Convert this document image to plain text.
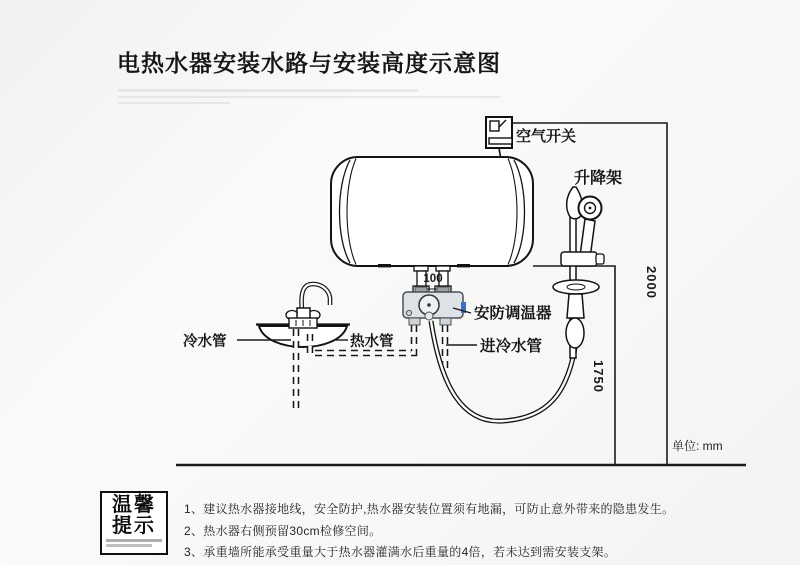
电热水器安装水路与安装高度示意图
空气开关
升降架
安防调温器
进冷水管
冷水管	热水管
100	2000
1750
单位: mm
温馨
提示
1、建议热水器接地线，安全防护,热水器安装位置须有地漏，可防止意外带来的隐患发生。
2、热水器右侧预留30cm检修空间。
3、承重墙所能承受重量大于热水器灌满水后重量的4倍，若未达到需安装支架。
